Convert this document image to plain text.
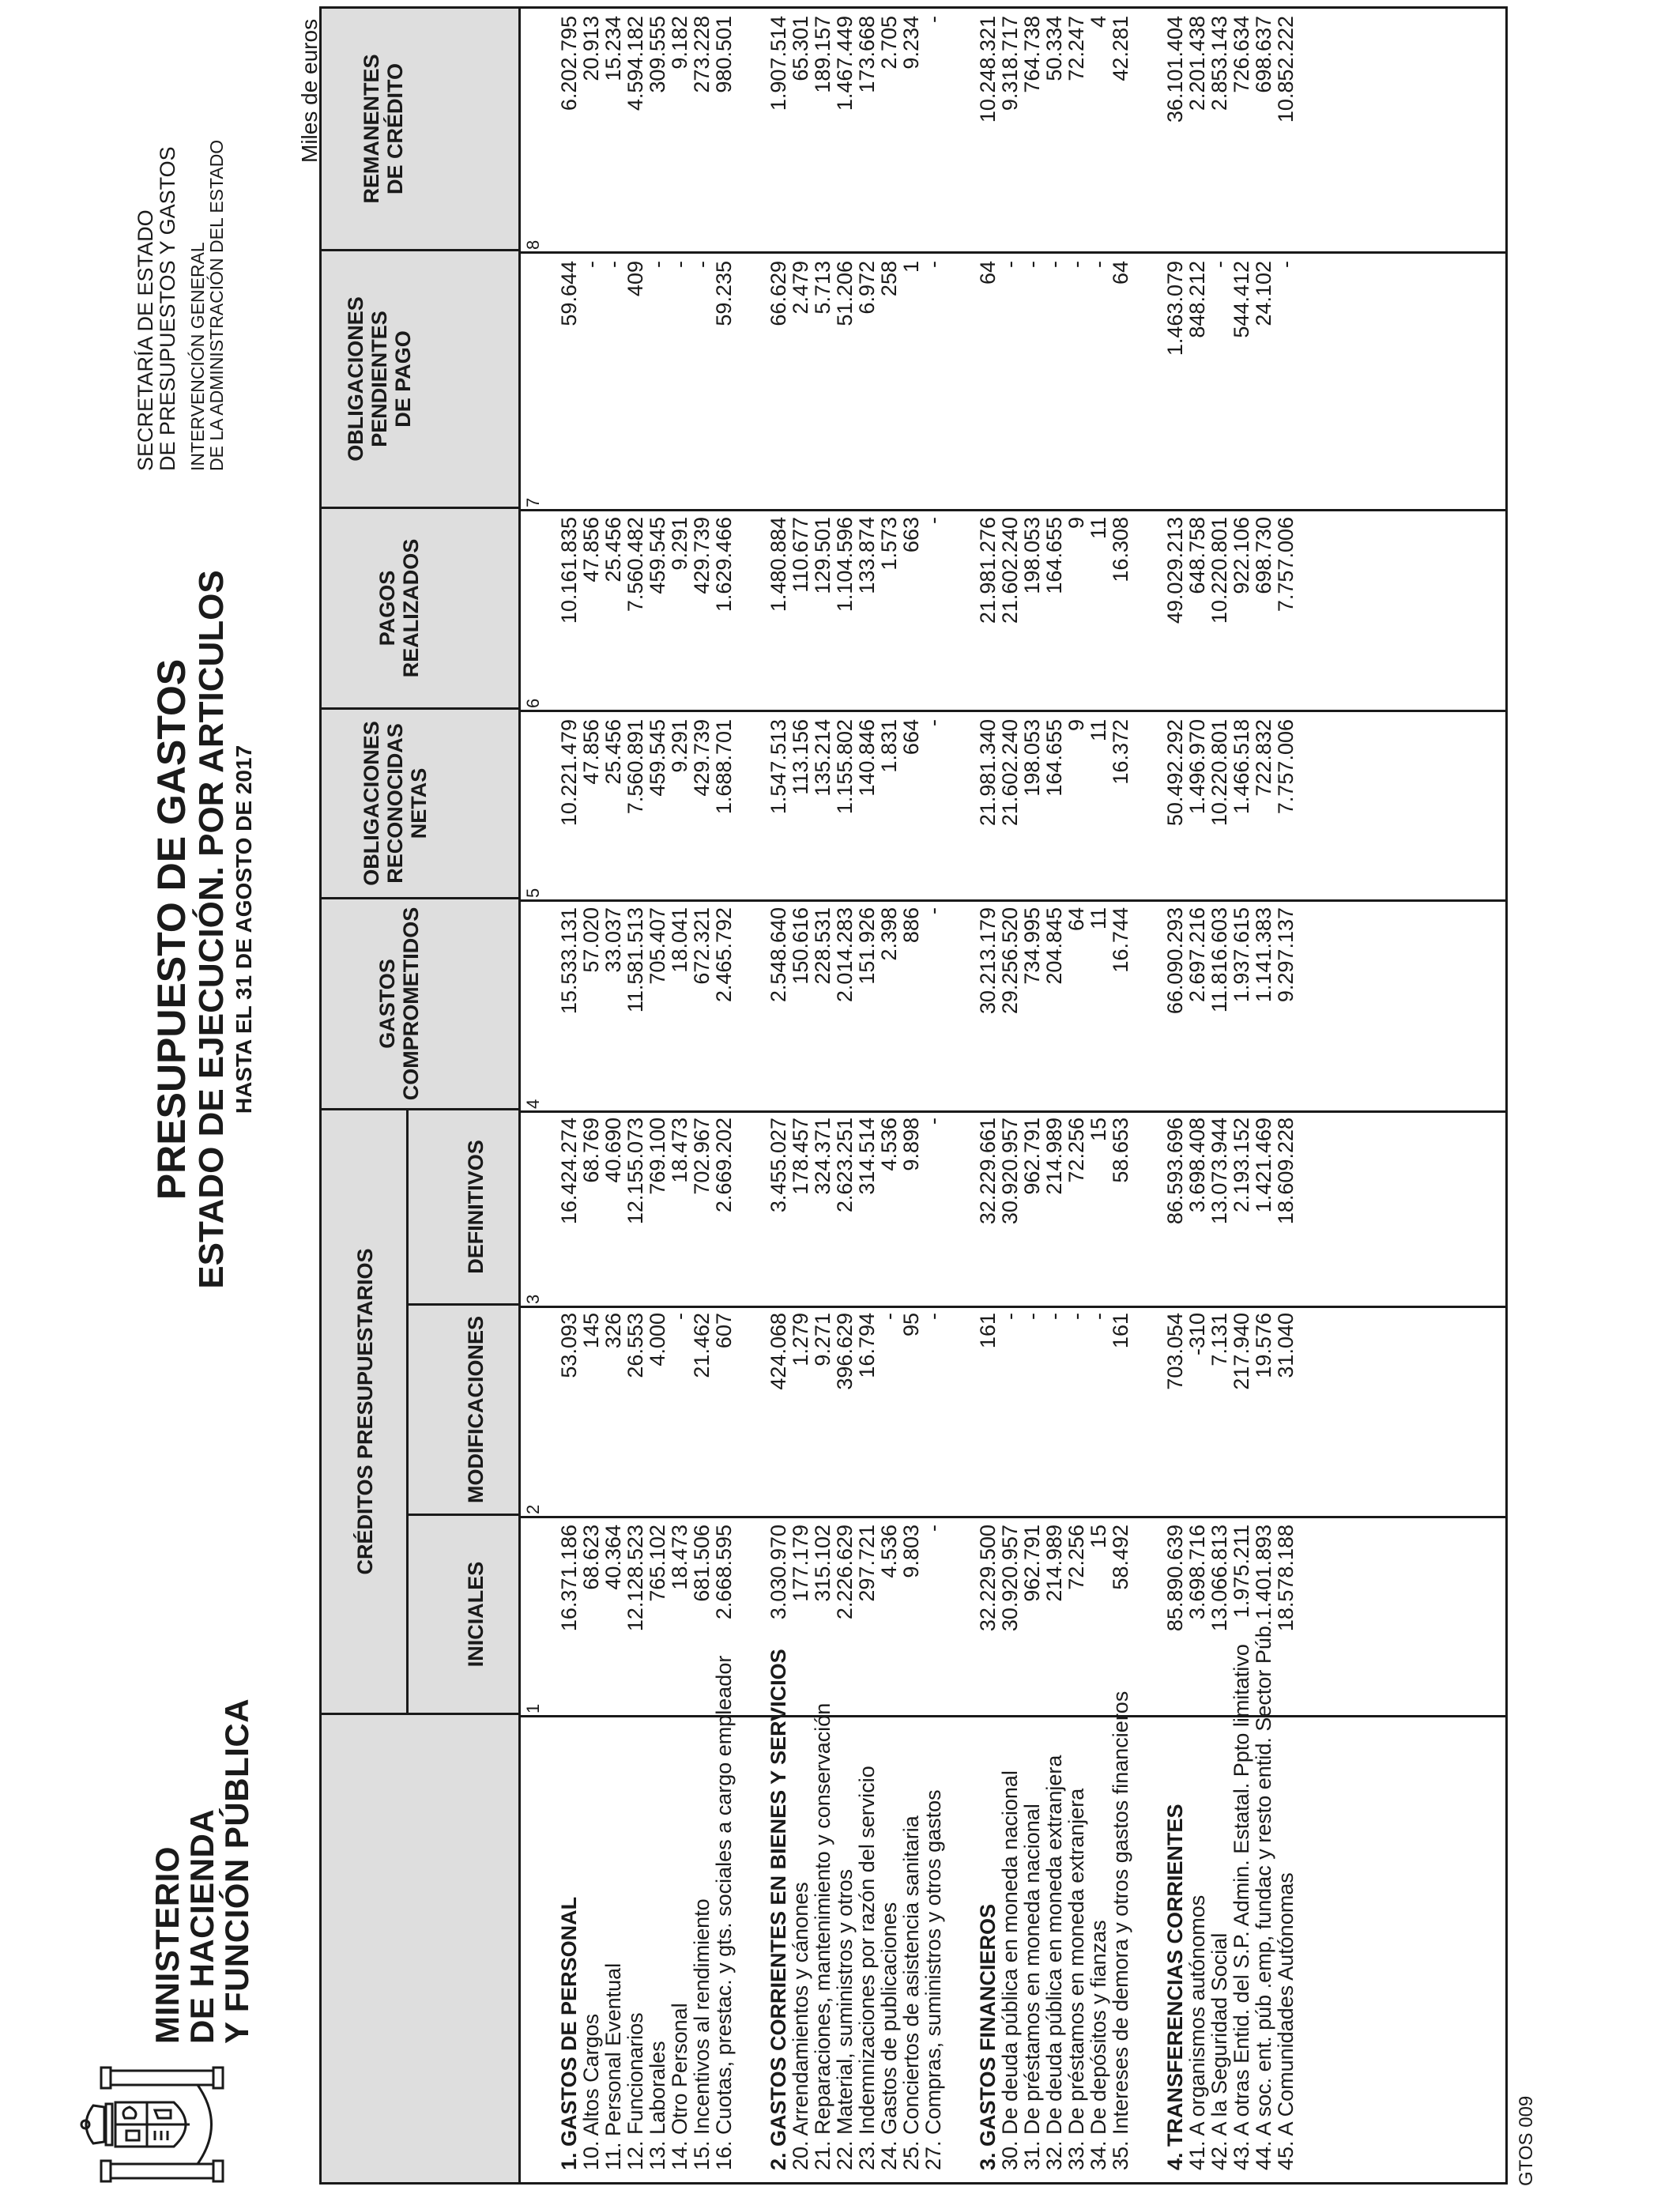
MINISTERIO
DE HACIENDA
Y FUNCIÓN PÚBLICA
GTOS 009
PRESUPUESTO DE GASTOS
ESTADO DE EJECUCIÓN. POR ARTICULOS HASTA EL 31 DE AGOSTO DE 2017
SECRETARÍA DE ESTADO
DE PRESUPUESTOS Y GASTOS INTERVENCIÓN GENERAL
DE LA ADMINISTRACIÓN DEL ESTADO
Miles de euros
CRÉDITOS PRESUPUESTARIOS
INICIALES
MODIFICACIONES
DEFINITIVOS
GASTOS COMPROMETIDOS
OBLIGACIONES RECONOCIDAS NETAS
PAGOS REALIZADOS
OBLIGACIONES PENDIENTES DE PAGO
REMANENTES DE CRÉDITO
1
2
3
4
5
6
7
8
1. GASTOS DE PERSONAL
16.371.186
53.093
16.424.274
15.533.131
10.221.479
10.161.835
59.644
6.202.795
10. Altos Cargos
68.623
145
68.769
57.020
47.856
47.856
-
20.913
11. Personal Eventual
40.364
326
40.690
33.037
25.456
25.456
-
15.234
12. Funcionarios
12.128.523
26.553
12.155.073
11.581.513
7.560.891
7.560.482
409
4.594.182
13. Laborales
765.102
4.000
769.100
705.407
459.545
459.545
-
309.555
14. Otro Personal
18.473
-
18.473
18.041
9.291
9.291
-
9.182
15. Incentivos al rendimiento
681.506
21.462
702.967
672.321
429.739
429.739
-
273.228
16. Cuotas, prestac. y gts. sociales a cargo empleador
2.668.595
607
2.669.202
2.465.792
1.688.701
1.629.466
59.235
980.501
2. GASTOS CORRIENTES EN BIENES Y SERVICIOS
3.030.970
424.068
3.455.027
2.548.640
1.547.513
1.480.884
66.629
1.907.514
20. Arrendamientos y cánones
177.179
1.279
178.457
150.616
113.156
110.677
2.479
65.301
21. Reparaciones, mantenimiento y conservación
315.102
9.271
324.371
228.531
135.214
129.501
5.713
189.157
22. Material, suministros y otros
2.226.629
396.629
2.623.251
2.014.283
1.155.802
1.104.596
51.206
1.467.449
23. Indemnizaciones por razón del servicio
297.721
16.794
314.514
151.926
140.846
133.874
6.972
173.668
24. Gastos de publicaciones
4.536
-
4.536
2.398
1.831
1.573
258
2.705
25. Conciertos de asistencia sanitaria
9.803
95
9.898
886
664
663
1
9.234
27. Compras, suministros y otros gastos
-
-
-
-
-
-
-
-
3. GASTOS FINANCIEROS
32.229.500
161
32.229.661
30.213.179
21.981.340
21.981.276
64
10.248.321
30. De deuda pública en moneda nacional
30.920.957
-
30.920.957
29.256.520
21.602.240
21.602.240
-
9.318.717
31. De préstamos en moneda nacional
962.791
-
962.791
734.995
198.053
198.053
-
764.738
32. De deuda pública en moneda extranjera
214.989
-
214.989
204.845
164.655
164.655
-
50.334
33. De préstamos en moneda extranjera
72.256
-
72.256
64
9
9
-
72.247
34. De depósitos y fianzas
15
-
15
11
11
11
-
4
35. Intereses de demora y otros gastos financieros
58.492
161
58.653
16.744
16.372
16.308
64
42.281
4. TRANSFERENCIAS CORRIENTES
85.890.639
703.054
86.593.696
66.090.293
50.492.292
49.029.213
1.463.079
36.101.404
41. A organismos autónomos
3.698.716
-310
3.698.408
2.697.216
1.496.970
648.758
848.212
2.201.438
42. A la Seguridad Social
13.066.813
7.131
13.073.944
11.816.603
10.220.801
10.220.801
-
2.853.143
43. A otras Entid. del S.P. Admin. Estatal. Ppto limitativo
1.975.211
217.940
2.193.152
1.937.615
1.466.518
922.106
544.412
726.634
44. A soc. ent. púb .emp, fundac y resto entid. Sector Púb.
1.401.893
19.576
1.421.469
1.141.383
722.832
698.730
24.102
698.637
45. A Comunidades Autónomas
18.578.188
31.040
18.609.228
9.297.137
7.757.006
7.757.006
-
10.852.222
